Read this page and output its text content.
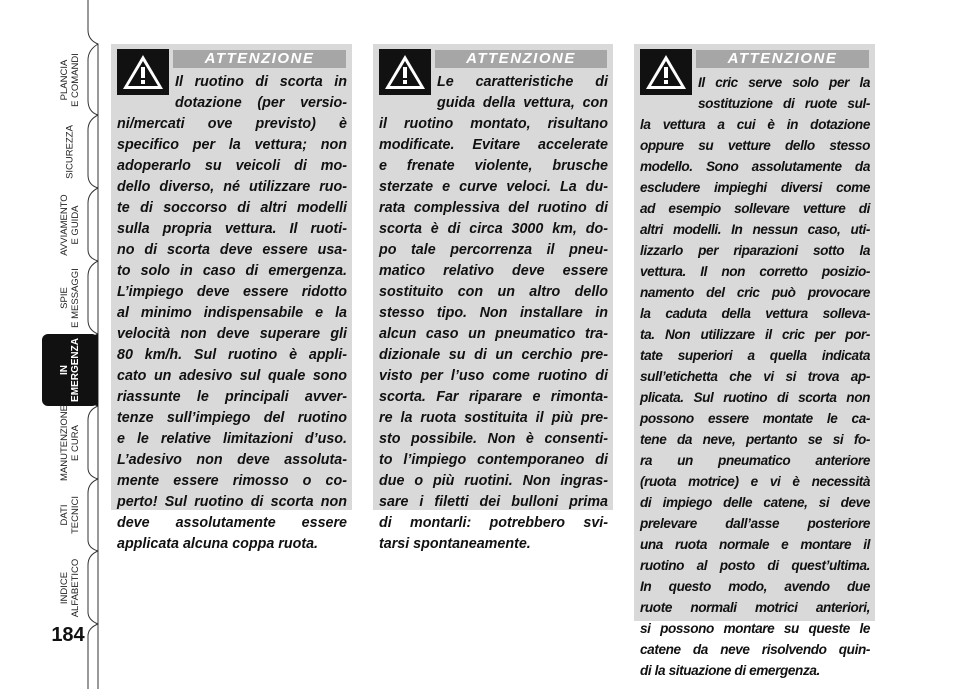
PLANCIA
E COMANDI
SICUREZZA
AVVIAMENTO
E GUIDA
SPIE
E MESSAGGI
IN
EMERGENZA
MANUTENZIONE
E CURA
DATI
TECNICI
INDICE
ALFABETICO
184
ATTENZIONE
Il ruotino di scorta in
dotazione (per versio-
ni/mercati ove previsto) è
specifico per la vettura; non
adoperarlo su veicoli di mo-
dello diverso, né utilizzare ruo-
te di soccorso di altri modelli
sulla propria vettura. Il ruoti-
no di scorta deve essere usa-
to solo in caso di emergenza.
L’impiego deve essere ridotto
al minimo indispensabile e la
velocità non deve superare gli
80 km/h. Sul ruotino è appli-
cato un adesivo sul quale sono
riassunte le principali avver-
tenze sull’impiego del ruotino
e le relative limitazioni d’uso.
L’adesivo non deve assoluta-
mente essere rimosso o co-
perto! Sul ruotino di scorta non
deve assolutamente essere
applicata alcuna coppa ruota.
ATTENZIONE
Le caratteristiche di
guida della vettura, con
il ruotino montato, risultano
modificate. Evitare accelerate
e frenate violente, brusche
sterzate e curve veloci. La du-
rata complessiva del ruotino di
scorta è di circa 3000 km, do-
po tale percorrenza il pneu-
matico relativo deve essere
sostituito con un altro dello
stesso tipo. Non installare in
alcun caso un pneumatico tra-
dizionale su di un cerchio pre-
visto per l’uso come ruotino di
scorta. Far riparare e rimonta-
re la ruota sostituita il più pre-
sto possibile. Non è consenti-
to l’impiego contemporaneo di
due o più ruotini. Non ingras-
sare i filetti dei bulloni prima
di montarli: potrebbero svi-
tarsi spontaneamente.
ATTENZIONE
Il cric serve solo per la
sostituzione di ruote sul-
la vettura a cui è in dotazione
oppure su vetture dello stesso
modello. Sono assolutamente da
escludere impieghi diversi come
ad esempio sollevare vetture di
altri modelli. In nessun caso, uti-
lizzarlo per riparazioni sotto la
vettura. Il non corretto posizio-
namento del cric può provocare
la caduta della vettura solleva-
ta. Non utilizzare il cric per por-
tate superiori a quella indicata
sull’etichetta che vi si trova ap-
plicata. Sul ruotino di scorta non
possono essere montate le ca-
tene da neve, pertanto se si fo-
ra un pneumatico anteriore
(ruota motrice) e vi è necessità
di impiego delle catene, si deve
prelevare dall’asse posteriore
una ruota normale e montare il
ruotino al posto di quest’ultima.
In questo modo, avendo due
ruote normali motrici anteriori,
si possono montare su queste le
catene da neve risolvendo quin-
di la situazione di emergenza.
